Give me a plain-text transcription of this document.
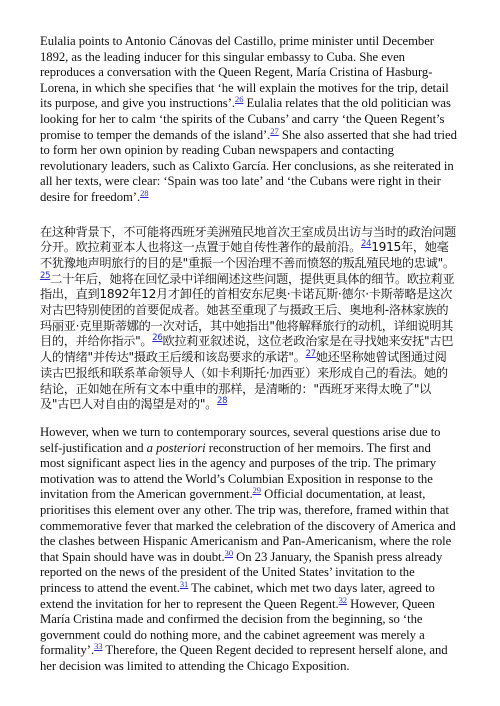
Eulalia points to Antonio Cánovas del Castillo, prime minister until December 1892, as the leading inducer for this singular embassy to Cuba. She even reproduces a conversation with the Queen Regent, María Cristina of Hasburg-Lorena, in which she specifies that ‘he will explain the motives for the trip, detail its purpose, and give you instructions’.$^{26}$ Eulalia relates that the old politician was looking for her to calm ‘the spirits of the Cubans’ and carry ‘the Queen Regent’s promise to temper the demands of the island’.$^{27}$ She also asserted that she had tried to form her own opinion by reading Cuban newspapers and contacting revolutionary leaders, such as Calixto García. Her conclusions, as she reiterated in all her texts, were clear: ‘Spain was too late’ and ‘the Cubans were right in their desire for freedom’.$^{28}$

在这种背景下，不可能将西班牙美洲殖民地首次王室成员出访与当时的政治问题分开。欧拉莉亚本人也将这一点置于她自传性著作的最前沿。$^{24}$1915年，她毫不犹豫地声明旅行的目的是"重振一个因治理不善而愤怒的叛乱殖民地的忠诚"。$^{25}$二十年后，她将在回忆录中详细阐述这些问题，提供更具体的细节。欧拉莉亚指出，直到1892年12月才卸任的首相安东尼奥·卡诺瓦斯·德尔·卡斯蒂略是这次对古巴特别使团的首要促成者。她甚至重现了与摄政王后、奥地利-洛林家族的玛丽亚·克里斯蒂娜的一次对话，其中她指出"他将解释旅行的动机，详细说明其目的，并给你指示"。$^{26}$欧拉莉亚叙述说，这位老政治家是在寻找她来安抚"古巴人的情绪"并传达"摄政王后缓和该岛要求的承诺"。$^{27}$她还坚称她曾试图通过阅读古巴报纸和联系革命领导人（如卡利斯托·加西亚）来形成自己的看法。她的结论，正如她在所有文本中重申的那样，是清晰的："西班牙来得太晚了"以及"古巴人对自由的渴望是对的"。$^{28}$

However, when we turn to contemporary sources, several questions arise due to self-justification and a posteriori reconstruction of her memoirs. The first and most significant aspect lies in the agency and purposes of the trip. The primary motivation was to attend the World’s Columbian Exposition in response to the invitation from the American government.$^{29}$ Official documentation, at least, prioritises this element over any other. The trip was, therefore, framed within that commemorative fever that marked the celebration of the discovery of America and the clashes between Hispanic Americanism and Pan-Americanism, where the role that Spain should have was in doubt.$^{30}$ On 23 January, the Spanish press already reported on the news of the president of the United States’ invitation to the princess to attend the event.$^{31}$ The cabinet, which met two days later, agreed to extend the invitation for her to represent the Queen Regent.$^{32}$ However, Queen María Cristina made and confirmed the decision from the beginning, so ‘the government could do nothing more, and the cabinet agreement was merely a formality’.$^{33}$ Therefore, the Queen Regent decided to represent herself alone, and her decision was limited to attending the Chicago Exposition.
